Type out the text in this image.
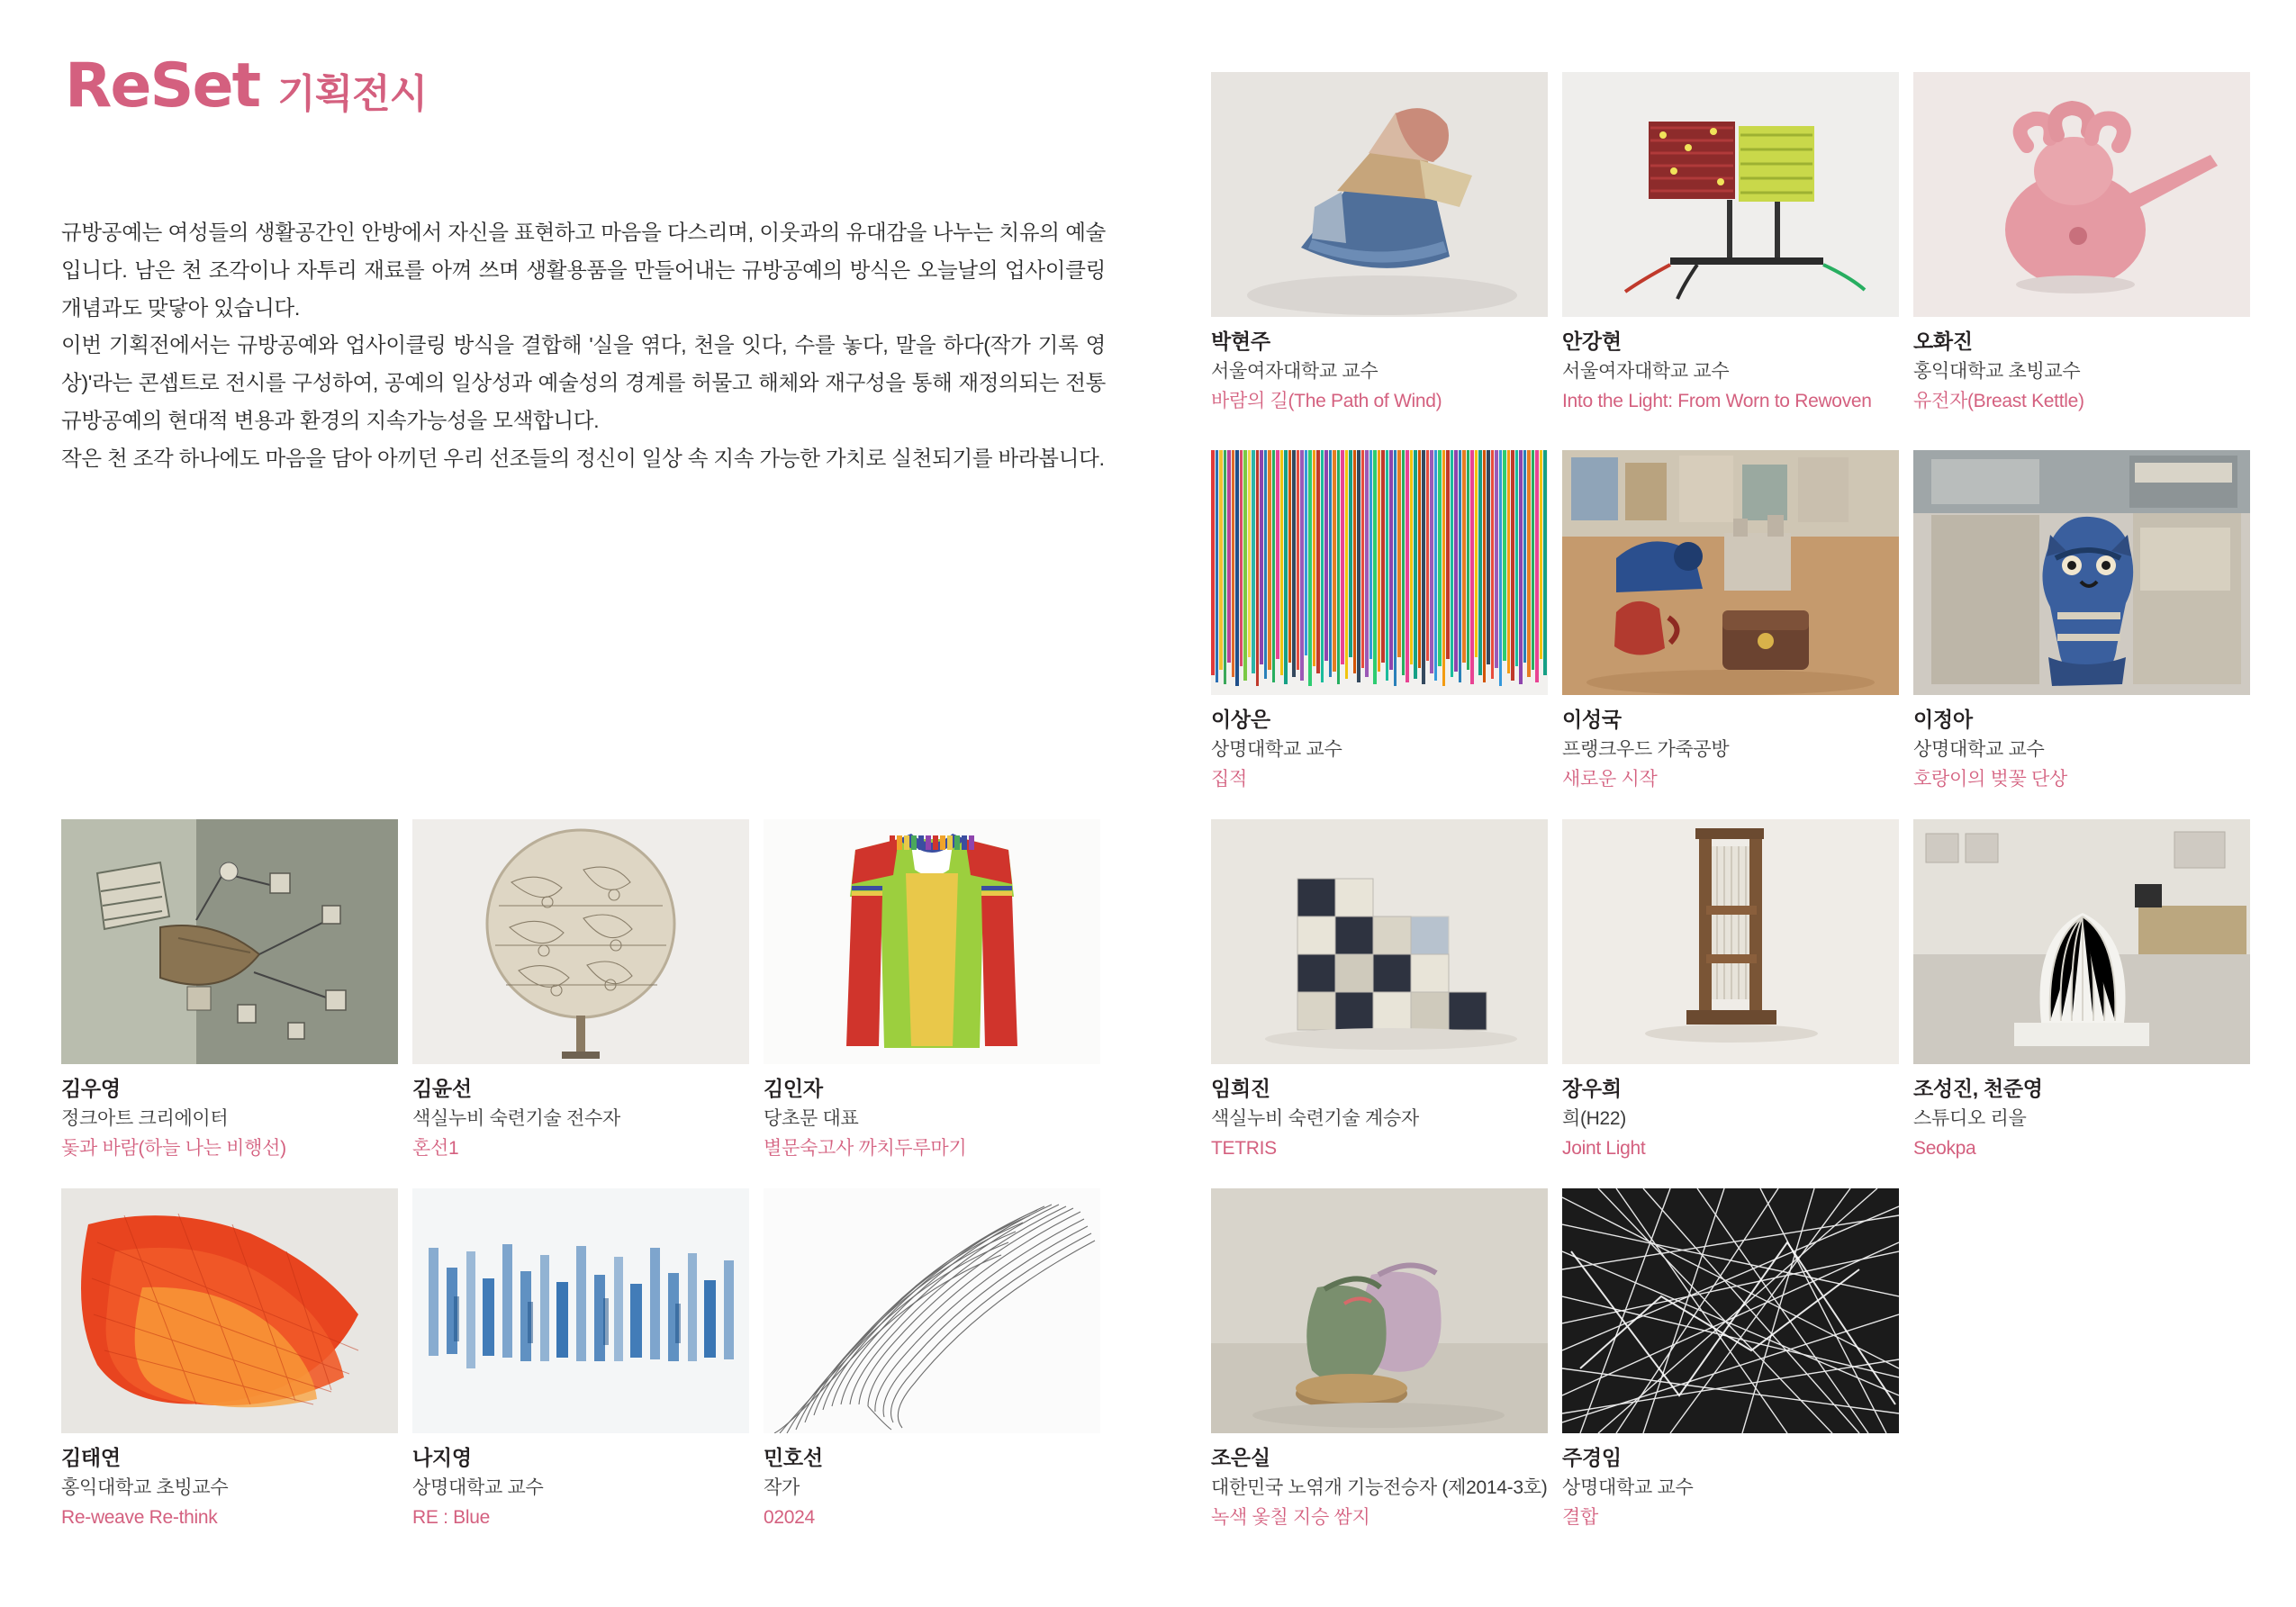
ReSet 기획전시

규방공예는 여성들의 생활공간인 안방에서 자신을 표현하고 마음을 다스리며, 이웃과의 유대감을 나누는 치유의 예술입니다. 남은 천 조각이나 자투리 재료를 아껴 쓰며 생활용품을 만들어내는 규방공예의 방식은 오늘날의 업사이클링 개념과도 맞닿아 있습니다.

이번 기획전에서는 규방공예와 업사이클링 방식을 결합해 '실을 엮다, 천을 잇다, 수를 놓다, 말을 하다(작가 기록 영상)'라는 콘셉트로 전시를 구성하여, 공예의 일상성과 예술성의 경계를 허물고 해체와 재구성을 통해 재정의되는 전통 규방공예의 현대적 변용과 환경의 지속가능성을 모색합니다.

작은 천 조각 하나에도 마음을 담아 아끼던 우리 선조들의 정신이 일상 속 지속 가능한 가치로 실천되기를 바라봅니다.

박현주
서울여자대학교 교수
바람의 길(The Path of Wind)
안강현
서울여자대학교 교수
Into the Light: From Worn to Rewoven
오화진
홍익대학교 초빙교수
유전자(Breast Kettle)
이상은
상명대학교 교수
집적
이성국
프랭크우드 가죽공방
새로운 시작
이정아
상명대학교 교수
호랑이의 벚꽃 단상
임희진
색실누비 숙련기술 계승자
TETRIS
장우희
희(H22)
Joint Light
조성진, 천준영
스튜디오 리을
Seokpa
조은실
대한민국 노엮개 기능전승자 (제2014-3호)
녹색 옻칠 지승 쌈지
주경임
상명대학교 교수
결합
김우영
정크아트 크리에이터
돛과 바람(하늘 나는 비행선)
김윤선
색실누비 숙련기술 전수자
혼선1
김인자
당초문 대표
별문숙고사 까치두루마기
김태연
홍익대학교 초빙교수
Re-weave Re-think
나지영
상명대학교 교수
RE : Blue
민호선
작가
02024
